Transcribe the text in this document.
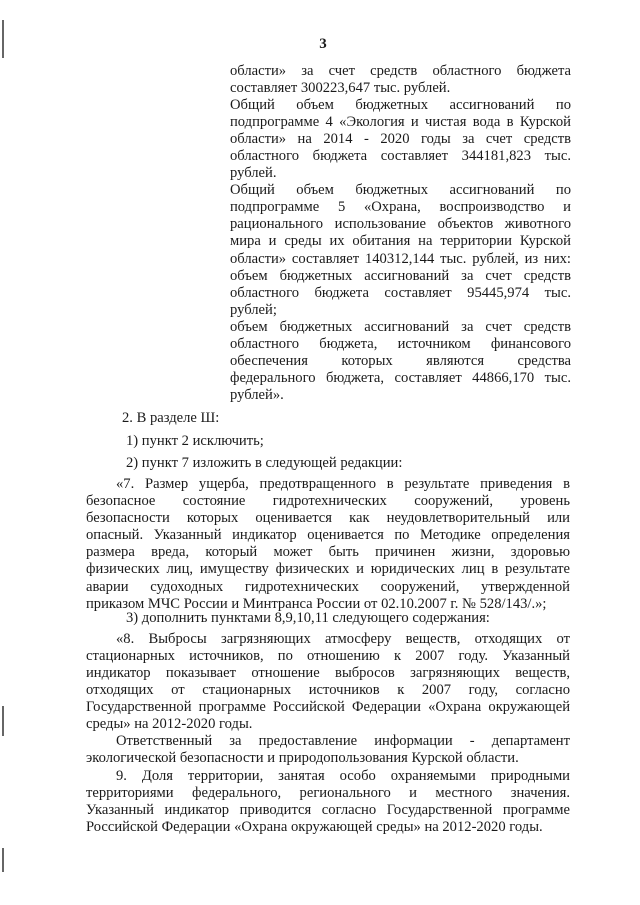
3
области» за счет средств областного бюджета
составляет 300223,647 тыс. рублей.
Общий объем бюджетных ассигнований по
подпрограмме 4 «Экология и чистая вода в Курской
области» на 2014 - 2020 годы за счет средств
областного бюджета составляет 344181,823 тыс.
рублей.
Общий объем бюджетных ассигнований по
подпрограмме 5 «Охрана, воспроизводство и
рационального использование объектов животного
мира и среды их обитания на территории Курской
области» составляет 140312,144 тыс. рублей, из них:
объем бюджетных ассигнований за счет средств
областного бюджета составляет 95445,974 тыс.
рублей;
объем бюджетных ассигнований за счет средств
областного бюджета, источником финансового
обеспечения которых являются средства
федерального бюджета, составляет 44866,170 тыс.
рублей».
2. В разделе Ш:
1) пункт 2 исключить;
2) пункт 7 изложить в следующей редакции:
«7. Размер ущерба, предотвращенного в результате приведения в
безопасное состояние гидротехнических сооружений, уровень
безопасности которых оценивается как неудовлетворительный или
опасный. Указанный индикатор оценивается по Методике определения
размера вреда, который может быть причинен жизни, здоровью
физических лиц, имуществу физических и юридических лиц в результате
аварии судоходных гидротехнических сооружений, утвержденной
приказом МЧС России и Минтранса России от 02.10.2007 г. № 528/143/.»;
3) дополнить пунктами 8,9,10,11 следующего содержания:
«8. Выбросы загрязняющих атмосферу веществ, отходящих от
стационарных источников, по отношению к 2007 году. Указанный
индикатор показывает отношение выбросов загрязняющих веществ,
отходящих от стационарных источников к 2007 году, согласно
Государственной программе Российской Федерации «Охрана окружающей
среды» на 2012-2020 годы.
Ответственный за предоставление информации - департамент
экологической безопасности и природопользования Курской области.
9. Доля территории, занятая особо охраняемыми природными
территориями федерального, регионального и местного значения.
Указанный индикатор приводится согласно Государственной программе
Российской Федерации «Охрана окружающей среды» на 2012-2020 годы.
